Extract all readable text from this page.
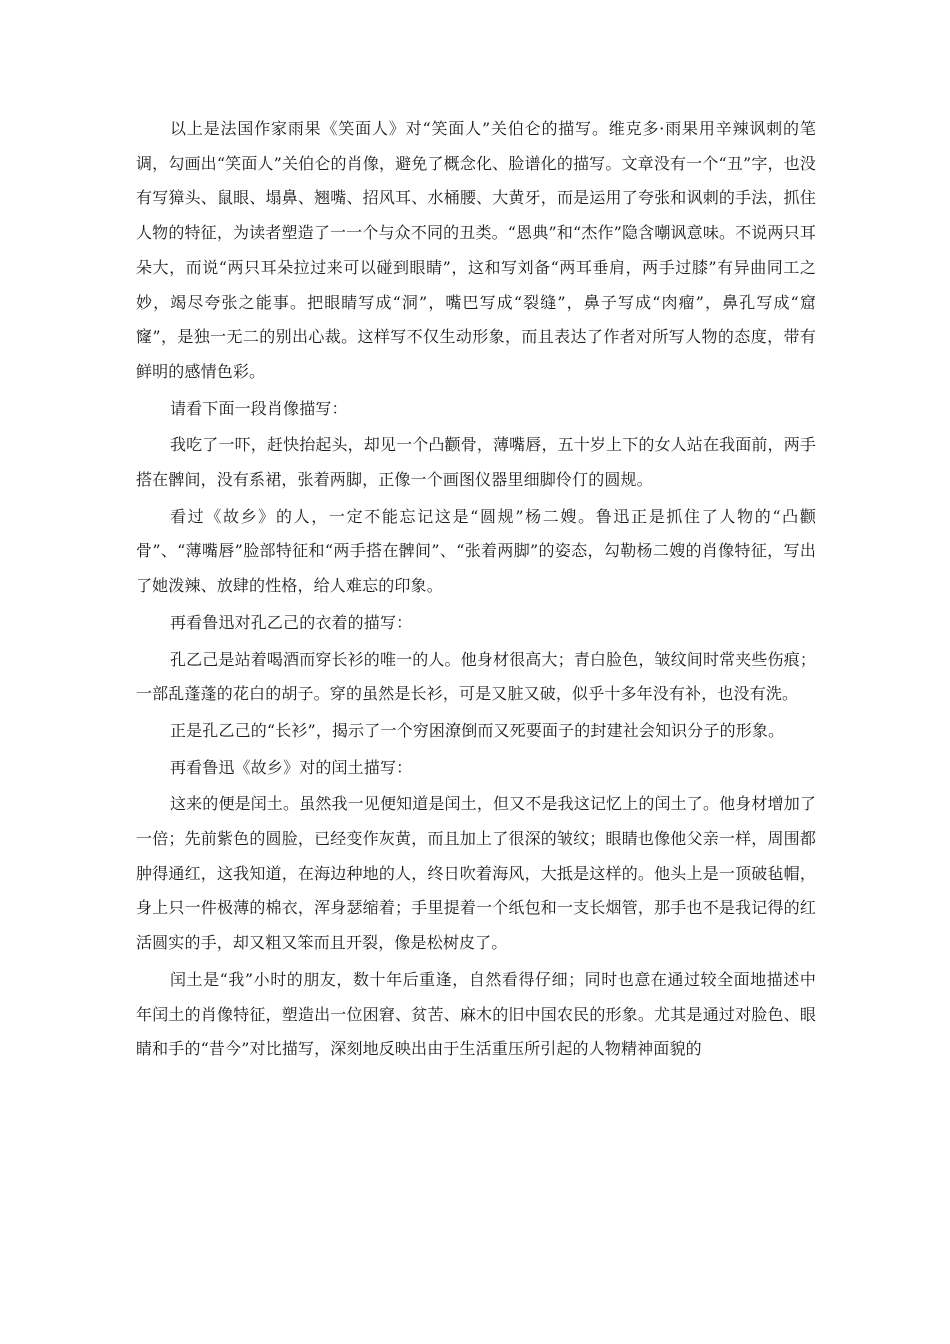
以上是法国作家雨果《笑面人》对“笑面人”关伯仑的描写。维克多·雨果用辛辣讽刺的笔调，勾画出“笑面人”关伯仑的肖像，避免了概念化、脸谱化的描写。文章没有一个“丑”字，也没有写獐头、鼠眼、塌鼻、翘嘴、招风耳、水桶腰、大黄牙，而是运用了夸张和讽刺的手法，抓住人物的特征，为读者塑造了一一个与众不同的丑类。“恩典”和“杰作”隐含嘲讽意味。不说两只耳朵大，而说“两只耳朵拉过来可以碰到眼睛”，这和写刘备“两耳垂肩，两手过膝”有异曲同工之妙，竭尽夸张之能事。把眼睛写成“洞”，嘴巴写成“裂缝”，鼻子写成“肉瘤”，鼻孔写成“窟窿”，是独一无二的别出心裁。这样写不仅生动形象，而且表达了作者对所写人物的态度，带有鲜明的感情色彩。

请看下面一段肖像描写：

我吃了一吓，赶快抬起头，却见一个凸颧骨，薄嘴唇，五十岁上下的女人站在我面前，两手搭在髀间，没有系裙，张着两脚，正像一个画图仪器里细脚伶仃的圆规。

看过《故乡》的人，一定不能忘记这是“圆规”杨二嫂。鲁迅正是抓住了人物的“凸颧骨”、“薄嘴唇”脸部特征和“两手搭在髀间”、“张着两脚”的姿态，勾勒杨二嫂的肖像特征，写出了她泼辣、放肆的性格，给人难忘的印象。

再看鲁迅对孔乙己的衣着的描写：

孔乙己是站着喝酒而穿长衫的唯一的人。他身材很高大；青白脸色，皱纹间时常夹些伤痕；一部乱蓬蓬的花白的胡子。穿的虽然是长衫，可是又脏又破，似乎十多年没有补，也没有洗。

正是孔乙己的“长衫”，揭示了一个穷困潦倒而又死要面子的封建社会知识分子的形象。

再看鲁迅《故乡》对的闰土描写：

这来的便是闰土。虽然我一见便知道是闰土，但又不是我这记忆上的闰土了。他身材增加了一倍；先前紫色的圆脸，已经变作灰黄，而且加上了很深的皱纹；眼睛也像他父亲一样，周围都肿得通红，这我知道，在海边种地的人，终日吹着海风，大抵是这样的。他头上是一顶破毡帽，身上只一件极薄的棉衣，浑身瑟缩着；手里提着一个纸包和一支长烟管，那手也不是我记得的红活圆实的手，却又粗又笨而且开裂，像是松树皮了。

闰土是“我”小时的朋友，数十年后重逢，自然看得仔细；同时也意在通过较全面地描述中年闰土的肖像特征，塑造出一位困窘、贫苦、麻木的旧中国农民的形象。尤其是通过对脸色、眼睛和手的“昔今”对比描写，深刻地反映出由于生活重压所引起的人物精神面貌的
